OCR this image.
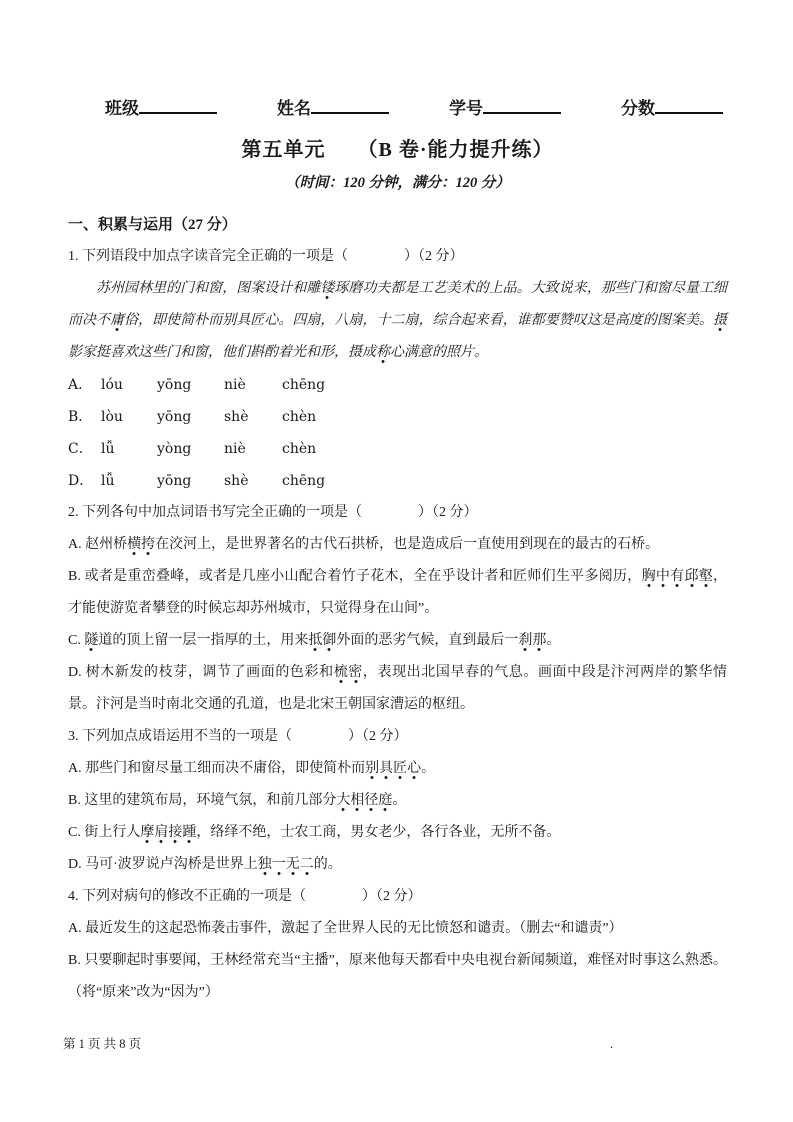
班级	姓名	学号	分数
第五单元　　（B 卷·能力提升练）
（时间：120 分钟，满分：120 分）
一、积累与运用（27 分）
1. 下列语段中加点字读音完全正确的一项是（　　　　）（2 分）
苏州园林里的门和窗，图案设计和雕镂琢磨功夫都是工艺美术的上品。大致说来，那些门和窗尽量工细而决不庸俗，即使简朴而别具匠心。四扇，八扇，十二扇，综合起来看，谁都要赞叹这是高度的图案美。摄影家挺喜欢这些门和窗，他们斟酌着光和形，摄成称心满意的照片。
A． lóu yōng niè	chēng
B． lòu yōng shè chèn
C． lǚ	yòng niè	chèn
D． lǚ	yōng shè chēng
2. 下列各句中加点词语书写完全正确的一项是（　　　　）（2 分）
A. 赵州桥横挎在洨河上，是世界著名的古代石拱桥，也是造成后一直使用到现在的最古的石桥。
B. 或者是重峦叠峰，或者是几座小山配合着竹子花木，全在乎设计者和匠师们生平多阅历，胸中有邱壑，才能使游览者攀登的时候忘却苏州城市，只觉得身在山间”。
C. 隧道的顶上留一层一指厚的土，用来抵御外面的恶劣气候，直到最后一刹那。
D. 树木新发的枝芽，调节了画面的色彩和梳密，表现出北国早春的气息。画面中段是汴河两岸的繁华情景。汴河是当时南北交通的孔道，也是北宋王朝国家漕运的枢纽。
3. 下列加点成语运用不当的一项是（　　　　）（2 分）
A. 那些门和窗尽量工细而决不庸俗，即使简朴而别具匠心。
B. 这里的建筑布局，环境气氛，和前几部分大相径庭。
C. 街上行人摩肩接踵，络绎不绝，士农工商，男女老少，各行各业，无所不备。
D. 马可·波罗说卢沟桥是世界上独一无二的。
4. 下列对病句的修改不正确的一项是（　　　　）（2 分）
A. 最近发生的这起恐怖袭击事件，激起了全世界人民的无比愤怒和谴责。（删去“和谴责”）
B. 只要聊起时事要闻，王林经常充当“主播”，原来他每天都看中央电视台新闻频道，难怪对时事这么熟悉。（将“原来”改为“因为”）
第 1 页 共 8 页	.
